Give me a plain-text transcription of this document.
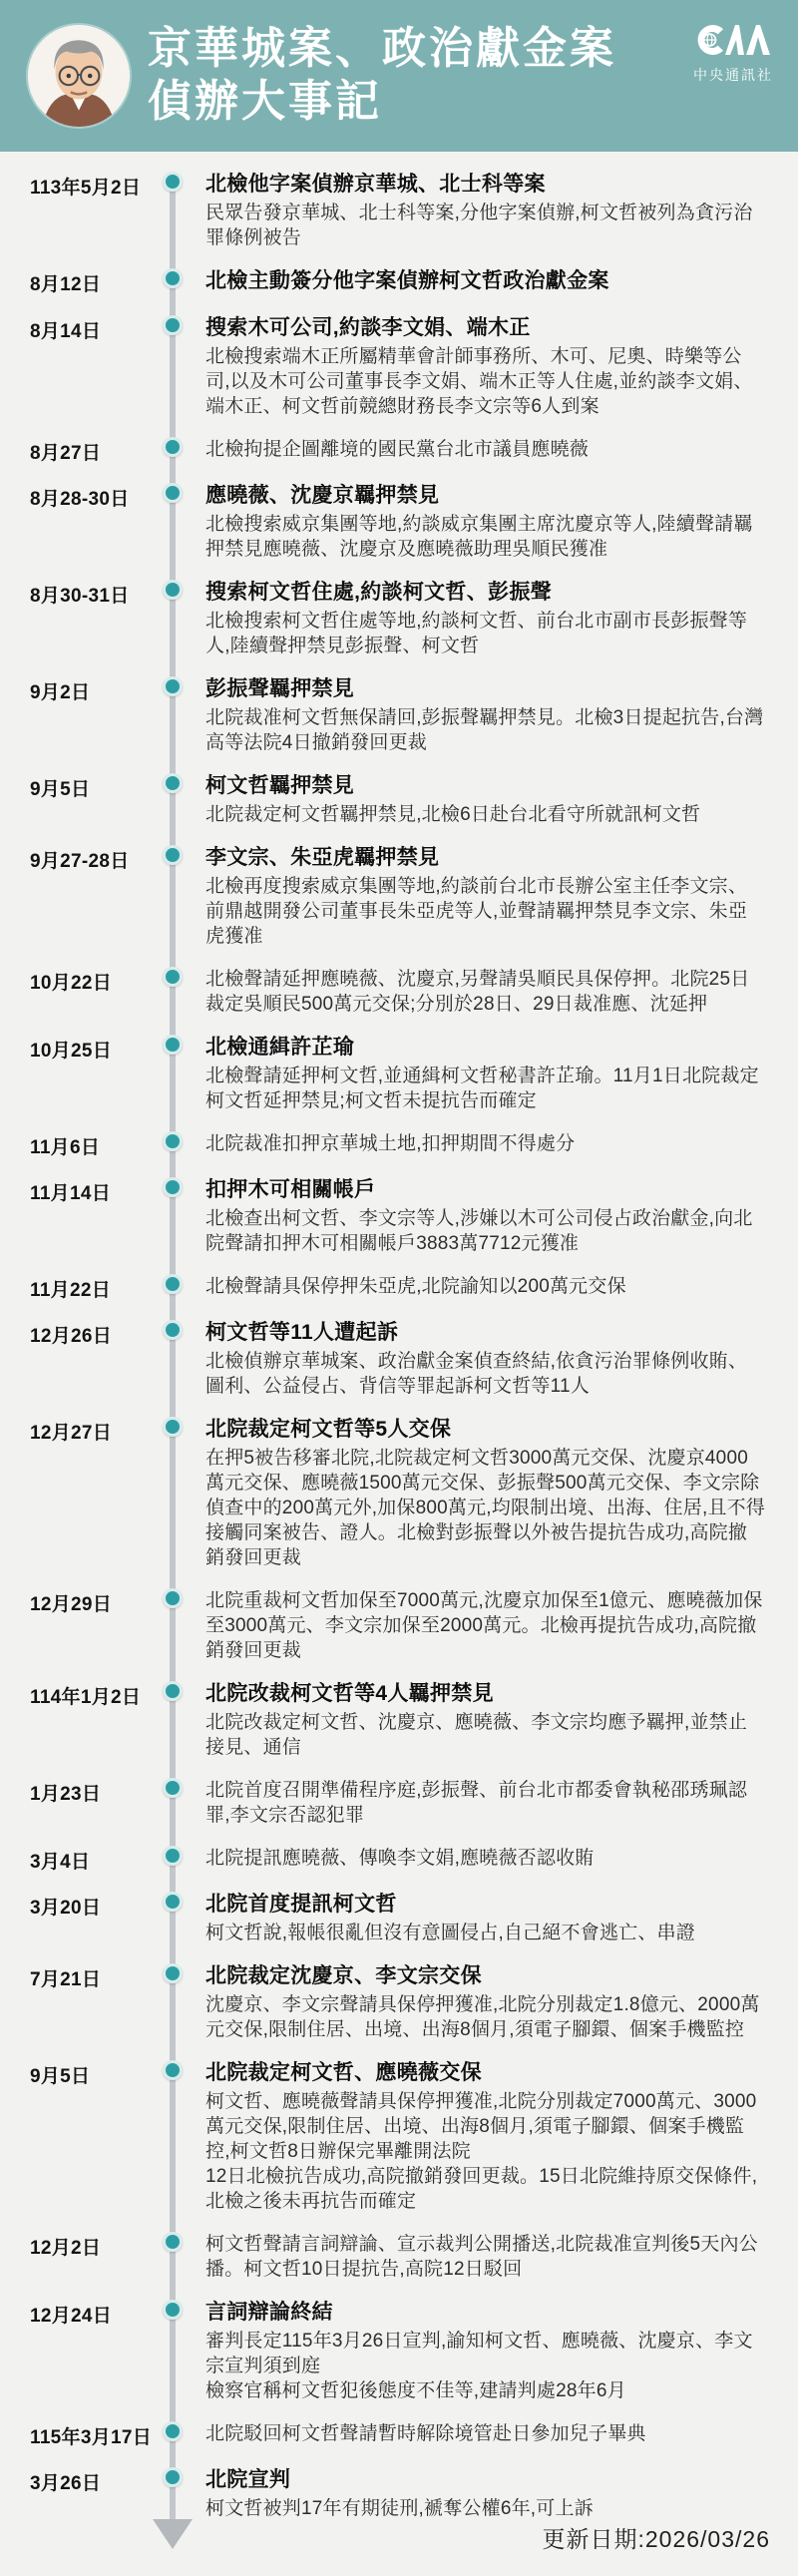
京華城案、政治獻金案
偵辦大事記
中央通訊社
113年5月2日	北檢他字案偵辦京華城、北士科等案

民眾告發京華城、北士科等案,分他字案偵辦,柯文哲被列為貪污治罪條例被告

8月12日	北檢主動簽分他字案偵辦柯文哲政治獻金案
8月14日	搜索木可公司,約談李文娟、端木正

北檢搜索端木正所屬精華會計師事務所、木可、尼奧、時樂等公司,以及木可公司董事長李文娟、端木正等人住處,並約談李文娟、端木正、柯文哲前競總財務長李文宗等6人到案

8月27日	北檢拘提企圖離境的國民黨台北市議員應曉薇

8月28-30日	應曉薇、沈慶京羈押禁見

北檢搜索威京集團等地,約談威京集團主席沈慶京等人,陸續聲請羈押禁見應曉薇、沈慶京及應曉薇助理吳順民獲准

8月30-31日	搜索柯文哲住處,約談柯文哲、彭振聲

北檢搜索柯文哲住處等地,約談柯文哲、前台北市副市長彭振聲等人,陸續聲押禁見彭振聲、柯文哲

9月2日	彭振聲羈押禁見

北院裁准柯文哲無保請回,彭振聲羈押禁見。北檢3日提起抗告,台灣高等法院4日撤銷發回更裁

9月5日	柯文哲羈押禁見

北院裁定柯文哲羈押禁見,北檢6日赴台北看守所就訊柯文哲

9月27-28日	李文宗、朱亞虎羈押禁見

北檢再度搜索威京集團等地,約談前台北市長辦公室主任李文宗、前鼎越開發公司董事長朱亞虎等人,並聲請羈押禁見李文宗、朱亞虎獲准

10月22日	北檢聲請延押應曉薇、沈慶京,另聲請吳順民具保停押。北院25日裁定吳順民500萬元交保;分別於28日、29日裁准應、沈延押

10月25日	北檢通緝許芷瑜

北檢聲請延押柯文哲,並通緝柯文哲秘書許芷瑜。11月1日北院裁定柯文哲延押禁見;柯文哲未提抗告而確定

11月6日	北院裁准扣押京華城土地,扣押期間不得處分

11月14日	扣押木可相關帳戶

北檢查出柯文哲、李文宗等人,涉嫌以木可公司侵占政治獻金,向北院聲請扣押木可相關帳戶3883萬7712元獲准

11月22日	北檢聲請具保停押朱亞虎,北院諭知以200萬元交保

12月26日	柯文哲等11人遭起訴

北檢偵辦京華城案、政治獻金案偵查終結,依貪污治罪條例收賄、圖利、公益侵占、背信等罪起訴柯文哲等11人

12月27日	北院裁定柯文哲等5人交保

在押5被告移審北院,北院裁定柯文哲3000萬元交保、沈慶京4000萬元交保、應曉薇1500萬元交保、彭振聲500萬元交保、李文宗除偵查中的200萬元外,加保800萬元,均限制出境、出海、住居,且不得接觸同案被告、證人。北檢對彭振聲以外被告提抗告成功,高院撤銷發回更裁

12月29日	北院重裁柯文哲加保至7000萬元,沈慶京加保至1億元、應曉薇加保至3000萬元、李文宗加保至2000萬元。北檢再提抗告成功,高院撤銷發回更裁

114年1月2日	北院改裁柯文哲等4人羈押禁見

北院改裁定柯文哲、沈慶京、應曉薇、李文宗均應予羈押,並禁止接見、通信

1月23日	北院首度召開準備程序庭,彭振聲、前台北市都委會執秘邵琇珮認罪,李文宗否認犯罪

3月4日	北院提訊應曉薇、傳喚李文娟,應曉薇否認收賄

3月20日	北院首度提訊柯文哲

柯文哲說,報帳很亂但沒有意圖侵占,自己絕不會逃亡、串證

7月21日	北院裁定沈慶京、李文宗交保

沈慶京、李文宗聲請具保停押獲准,北院分別裁定1.8億元、2000萬元交保,限制住居、出境、出海8個月,須電子腳鐶、個案手機監控

9月5日	北院裁定柯文哲、應曉薇交保

柯文哲、應曉薇聲請具保停押獲准,北院分別裁定7000萬元、3000萬元交保,限制住居、出境、出海8個月,須電子腳鐶、個案手機監控,柯文哲8日辦保完畢離開法院

12日北檢抗告成功,高院撤銷發回更裁。15日北院維持原交保條件,北檢之後未再抗告而確定

12月2日	柯文哲聲請言詞辯論、宣示裁判公開播送,北院裁准宣判後5天內公播。柯文哲10日提抗告,高院12日駁回

12月24日	言詞辯論終結

審判長定115年3月26日宣判,諭知柯文哲、應曉薇、沈慶京、李文宗宣判須到庭

檢察官稱柯文哲犯後態度不佳等,建請判處28年6月

115年3月17日	北院駁回柯文哲聲請暫時解除境管赴日參加兒子畢典

3月26日	北院宣判

柯文哲被判17年有期徒刑,褫奪公權6年,可上訴

更新日期:2026/03/26
